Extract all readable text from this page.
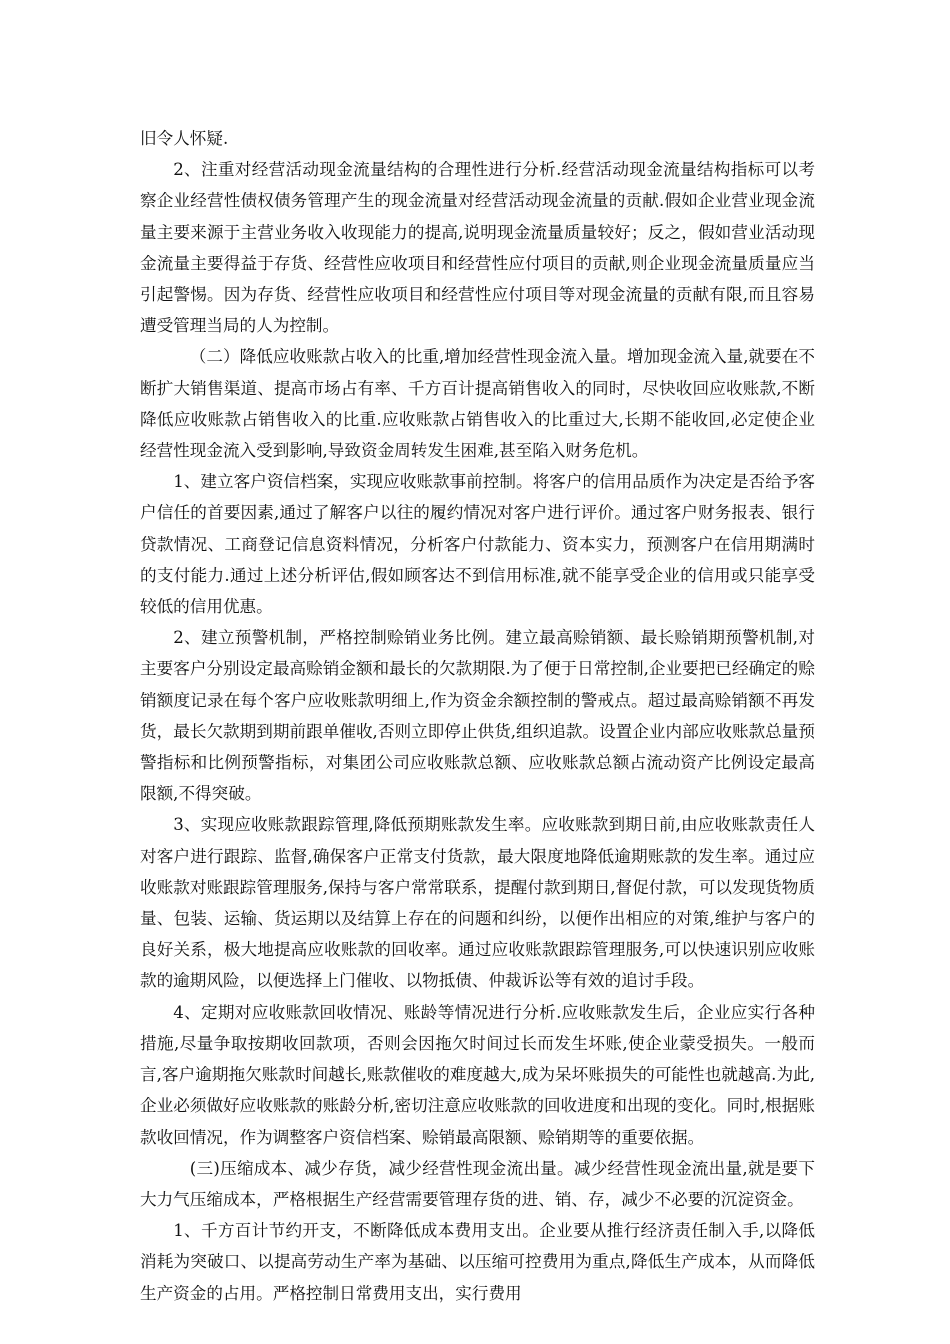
旧令人怀疑.

2、注重对经营活动现金流量结构的合理性进行分析.经营活动现金流量结构指标可以考察企业经营性债权债务管理产生的现金流量对经营活动现金流量的贡献.假如企业营业现金流量主要来源于主营业务收入收现能力的提高,说明现金流量质量较好；反之，假如营业活动现金流量主要得益于存货、经营性应收项目和经营性应付项目的贡献,则企业现金流量质量应当引起警惕。因为存货、经营性应收项目和经营性应付项目等对现金流量的贡献有限,而且容易遭受管理当局的人为控制。

（二）降低应收账款占收入的比重,增加经营性现金流入量。增加现金流入量,就要在不断扩大销售渠道、提高市场占有率、千方百计提高销售收入的同时，尽快收回应收账款,不断降低应收账款占销售收入的比重.应收账款占销售收入的比重过大,长期不能收回,必定使企业经营性现金流入受到影响,导致资金周转发生困难,甚至陷入财务危机。

1、建立客户资信档案，实现应收账款事前控制。将客户的信用品质作为决定是否给予客户信任的首要因素,通过了解客户以往的履约情况对客户进行评价。通过客户财务报表、银行贷款情况、工商登记信息资料情况，分析客户付款能力、资本实力，预测客户在信用期满时的支付能力.通过上述分析评估,假如顾客达不到信用标准,就不能享受企业的信用或只能享受较低的信用优惠。

2、建立预警机制，严格控制赊销业务比例。建立最高赊销额、最长赊销期预警机制,对主要客户分别设定最高赊销金额和最长的欠款期限.为了便于日常控制,企业要把已经确定的赊销额度记录在每个客户应收账款明细上,作为资金余额控制的警戒点。超过最高赊销额不再发货，最长欠款期到期前跟单催收,否则立即停止供货,组织追款。设置企业内部应收账款总量预警指标和比例预警指标，对集团公司应收账款总额、应收账款总额占流动资产比例设定最高限额,不得突破。

3、实现应收账款跟踪管理,降低预期账款发生率。应收账款到期日前,由应收账款责任人对客户进行跟踪、监督,确保客户正常支付货款，最大限度地降低逾期账款的发生率。通过应收账款对账跟踪管理服务,保持与客户常常联系，提醒付款到期日,督促付款，可以发现货物质量、包装、运输、货运期以及结算上存在的问题和纠纷，以便作出相应的对策,维护与客户的良好关系，极大地提高应收账款的回收率。通过应收账款跟踪管理服务,可以快速识别应收账款的逾期风险，以便选择上门催收、以物抵债、仲裁诉讼等有效的追讨手段。

4、定期对应收账款回收情况、账龄等情况进行分析.应收账款发生后，企业应实行各种措施,尽量争取按期收回款项，否则会因拖欠时间过长而发生坏账,使企业蒙受损失。一般而言,客户逾期拖欠账款时间越长,账款催收的难度越大,成为呆坏账损失的可能性也就越高.为此,企业必须做好应收账款的账龄分析,密切注意应收账款的回收进度和出现的变化。同时,根据账款收回情况，作为调整客户资信档案、赊销最高限额、赊销期等的重要依据。

(三)压缩成本、减少存货，减少经营性现金流出量。减少经营性现金流出量,就是要下大力气压缩成本，严格根据生产经营需要管理存货的进、销、存，减少不必要的沉淀资金。

1、千方百计节约开支，不断降低成本费用支出。企业要从推行经济责任制入手,以降低消耗为突破口、以提高劳动生产率为基础、以压缩可控费用为重点,降低生产成本，从而降低生产资金的占用。严格控制日常费用支出，实行费用
